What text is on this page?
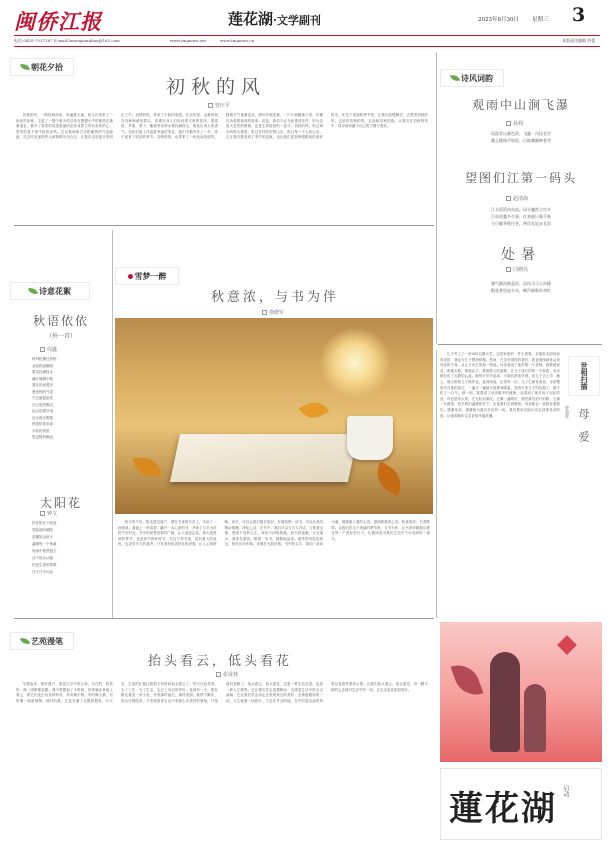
闽侨江报	莲花湖·文学副刊	2023年8月30日 星期三 3
电话:0435-7537167 E-mail:lumenjiangbao@163.com	www.tmjnews.net	www.tmjnews.cn	本版责任编辑 符蕾
朝花夕拾
初秋的风
曾庆平

初秋的风，一路轻吻而来，吹遍着大地，给人们带来了一丝丝的凉意。宝蓝了一整个夏天的浮热在慢慢火中的郁热在渐渐退去，撩开了原来的或是艳丽的花朵身影与所有炎热的心，带来的是不徐不疾的凉风。它以柔和的方式把燥热的气息驱逐，过去时光里那些人和物都历历在目，让我们走进夏日的回忆之中。初秋的风，带来了丰收的喜悦。在农田里，金黄的稻谷沉甸甸地低着头，仿佛在向人们诉说着丰收的喜讯。果园里，苹果、梨子、葡萄等各种水果挂满枝头，散发出诱人的香气。农民们脸上洋溢着幸福的笑容，他们辛勤劳作了一年，终于迎来了收获的季节。初秋的风，也带来了一丝淡淡的忧伤。随着天气逐渐变凉，树叶开始变黄，一片片地飘落下来，仿佛在诉说着离别的故事。但是，我们不必为此感到悲伤，因为这是大自然的规律，也是生命轮回的一部分。初秋的风，吹过城市的街头巷尾，吹过乡村的田野山川，吹过每一个人的心田。它让我们感受到了季节的变换，也让我们更加珍惜眼前的美好时光。在这个美丽的季节里，让我们放慢脚步，去感受初秋的风，去欣赏初秋的景，去品味初秋的韵。让我们在初秋的风中，找寻那份属于自己的宁静与美好。

诗风词韵
观雨中山涧飞瀑
孙利
雨落青山雾色浓，飞瀑一泻挂长空
溅玉跳珠声如雷，白练飘飘映苍穹
望图们江第一码头
赵清海
江水滔滔向东流，码头巍然立岸头
百年沧桑多少事，往来船只载千秋
今日繁华胜往昔，两岸友谊永长留
处暑
闫晓亮
暑气渐消秋意浓，凉风习习入帘栊
稻花香里说丰年，蝉声渐歇叶初红
诗意花絮
秋语依依
（外一首）
周鑫
秋风轻拂过原野
金色稻浪翻滚
果实挂满枝头
落叶铺满小路
我在田间漫步
感受秋的气息
天空湛蓝如洗
白云悠然飘过
远山层林尽染
近水波光粼粼
秋语依依诉说
丰收的喜悦
思念随风飘远
太阳花
钟文
你在阳光下绽放
笑脸迎向朝阳
花瓣如金似火
温暖每一个角落
风雨中依然挺立
从不低头认输
你是生命的赞歌
在平凡中闪光
雪梦一醉
秋意浓，与书为伴
徐晓军

秋天的午后，阳光透过窗户，洒在书桌的书页上，平添了一丝暖意。我泡上一杯清茶，翻开一本心爱的书，开始了与书为伴的午后时光。书中的世界是那样广阔，让人流连忘返。秋天是收获的季节，也是读书的好时节。在这个季节里，没有夏天的炎热，也没有冬天的寒冷，只有那份恰到好处的凉爽，让人心情舒畅。读书，可以让我们增长知识，开阔视野；读书，可以让我们陶冶情操，净化心灵。在书中，我们可以与古人对话，与智者交流，感受不同的人生，体验不同的情感。秋天的夜晚，月光如水，我坐在窗前，捧着一本书，静静地品读。窗外的风轻轻吹过，树叶沙沙作响，仿佛在为我伴奏。书中的文字，如同一条条小溪，缓缓流入我的心田，滋润着我的心灵。秋意浓浓，书香阵阵。让我们在这个美丽的季节里，与书为伴，让书香伴随我们度过每一个美好的日子，让阅读成为我们生活中不可或缺的一部分。

儿子考上了一所985名牌大学，这是家里的一件大喜事。亲朋好友纷纷前来祝贺，我也为儿子感到骄傲。然而，在这份喜悦的背后，我更深深地体会到母亲的不易。从儿子出生的那一刻起，母亲就成了他的第一个老师。她教他说话，教他走路，教他认字，教他做人的道理。在儿子成长的每一个阶段，母亲都付出了无数的心血。她每天早早起床，为我们准备早餐，送儿子去上学；晚上，她又陪着儿子做作业，直到深夜。记得有一次，儿子生病发高烧，母亲整夜守在他的床边，一遍又一遍地为他擦身降温，直到天亮儿子的烧退了，她才松了一口气。那一刻，我看到了母亲眼中的疲惫，也看到了她对孩子无私的爱。母爱是伟大的，它无私而深沉。它像一盏明灯，照亮我们前行的路；它像一片港湾，给予我们温暖和安宁。无论我们走到哪里，母爱都会一直陪伴着我们。感谢母亲，感谢她为我们付出的一切。我们要用实际行动去回报母亲的爱，让她的晚年生活更加幸福美满。

世相扫描
母爱
曾婧蕾
艺苑漫笔
抬头看云，低头看花
张成林

早晨起来，推开窗户，看见天空中的云朵，白白的，软软的，像一团团棉花糖。我不禁想起了小时候，常常躺在草地上看云，看它们变幻出各种形状，有时像小狗，有时像小猫，有时像一座座城堡。那时的我，总是充满了无限的想象。长大后，生活的忙碌让我很少有时间抬头看云了。每天行色匆匆，为了工作，为了生活，忘记了身边的美好。直到有一天，我在路边看见一朵小花，开得那样灿烂，那样美丽。我停下脚步，低头仔细欣赏，才发现原来生活中有那么多美好的事物，只是我们忽略了。抬头看云，低头看花，这是一种生活态度，也是一种人生境界。它让我们学会放慢脚步，去感受生活中的点点滴滴；它让我们学会用心去发现身边的美好，去珍惜眼前的一切。人生就像一场旅行，不必在乎目的地，在乎的是沿途的风景以及看风景的心情。让我们抬头看云，低头看花，用一颗平和的心去面对生活中的一切，让生活变得更加美好。

蓮花湖 启动
